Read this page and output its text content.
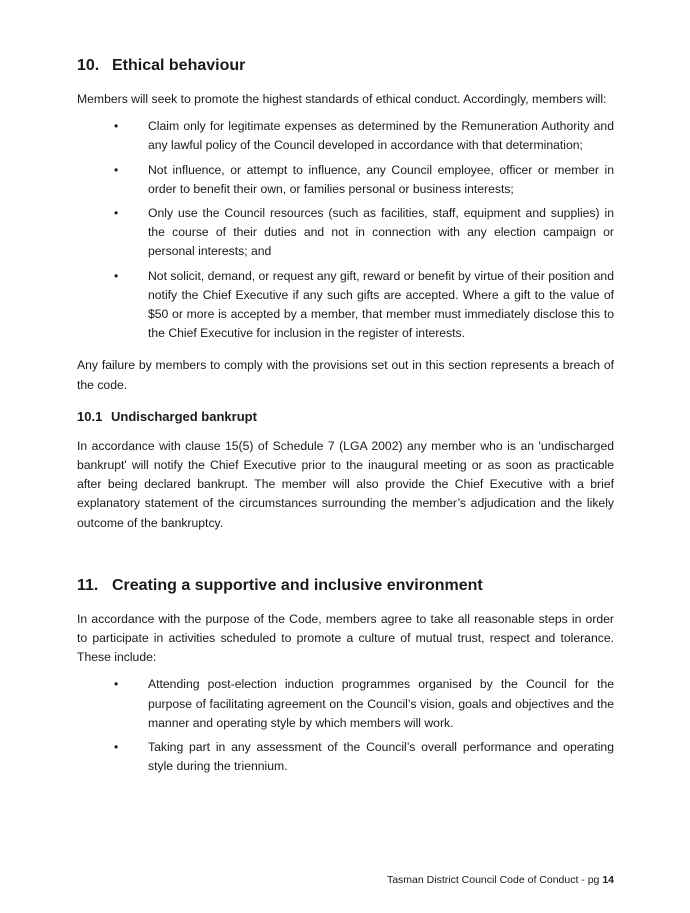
10. Ethical behaviour

Members will seek to promote the highest standards of ethical conduct. Accordingly, members will:

• Claim only for legitimate expenses as determined by the Remuneration Authority and any lawful policy of the Council developed in accordance with that determination;
• Not influence, or attempt to influence, any Council employee, officer or member in order to benefit their own, or families personal or business interests;
• Only use the Council resources (such as facilities, staff, equipment and supplies) in the course of their duties and not in connection with any election campaign or personal interests; and
• Not solicit, demand, or request any gift, reward or benefit by virtue of their position and notify the Chief Executive if any such gifts are accepted. Where a gift to the value of $50 or more is accepted by a member, that member must immediately disclose this to the Chief Executive for inclusion in the register of interests.

Any failure by members to comply with the provisions set out in this section represents a breach of the code.

10.1 Undischarged bankrupt

In accordance with clause 15(5) of Schedule 7 (LGA 2002) any member who is an 'undischarged bankrupt' will notify the Chief Executive prior to the inaugural meeting or as soon as practicable after being declared bankrupt. The member will also provide the Chief Executive with a brief explanatory statement of the circumstances surrounding the member’s adjudication and the likely outcome of the bankruptcy.

11. Creating a supportive and inclusive environment

In accordance with the purpose of the Code, members agree to take all reasonable steps in order to participate in activities scheduled to promote a culture of mutual trust, respect and tolerance. These include:

• Attending post-election induction programmes organised by the Council for the purpose of facilitating agreement on the Council’s vision, goals and objectives and the manner and operating style by which members will work.
• Taking part in any assessment of the Council’s overall performance and operating style during the triennium.
Tasman District Council Code of Conduct - pg 14
